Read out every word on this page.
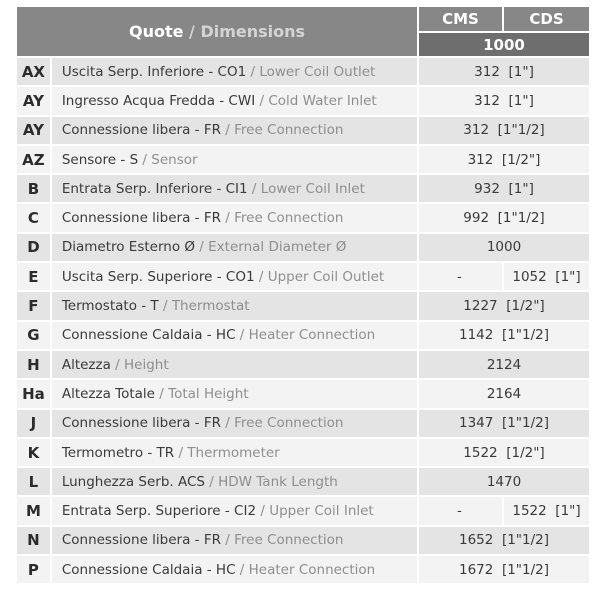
Quote / Dimensions
CMS	CDS
1000
AX	Uscita Serp. Inferiore - CO1 / Lower Coil Outlet	312  [1"]
AY	Ingresso Acqua Fredda - CWI / Cold Water Inlet	312  [1"]
AY	Connessione libera - FR / Free Connection	312  [1"1/2]
AZ	Sensore - S / Sensor	312  [1/2"]
B	Entrata Serp. Inferiore - CI1 / Lower Coil Inlet	932  [1"]
C	Connessione libera - FR / Free Connection	992  [1"1/2]
D	Diametro Esterno Ø / External Diameter Ø	1000
E	Uscita Serp. Superiore - CO1 / Upper Coil Outlet	-	1052  [1"]
F	Termostato - T / Thermostat	1227  [1/2"]
G	Connessione Caldaia - HC / Heater Connection	1142  [1"1/2]
H	Altezza / Height	2124
Ha	Altezza Totale / Total Height	2164
J	Connessione libera - FR / Free Connection	1347  [1"1/2]
K	Termometro - TR / Thermometer	1522  [1/2"]
L	Lunghezza Serb. ACS / HDW Tank Length	1470
M	Entrata Serp. Superiore - CI2 / Upper Coil Inlet	-	1522  [1"]
N	Connessione libera - FR / Free Connection	1652  [1"1/2]
P	Connessione Caldaia - HC / Heater Connection	1672  [1"1/2]
